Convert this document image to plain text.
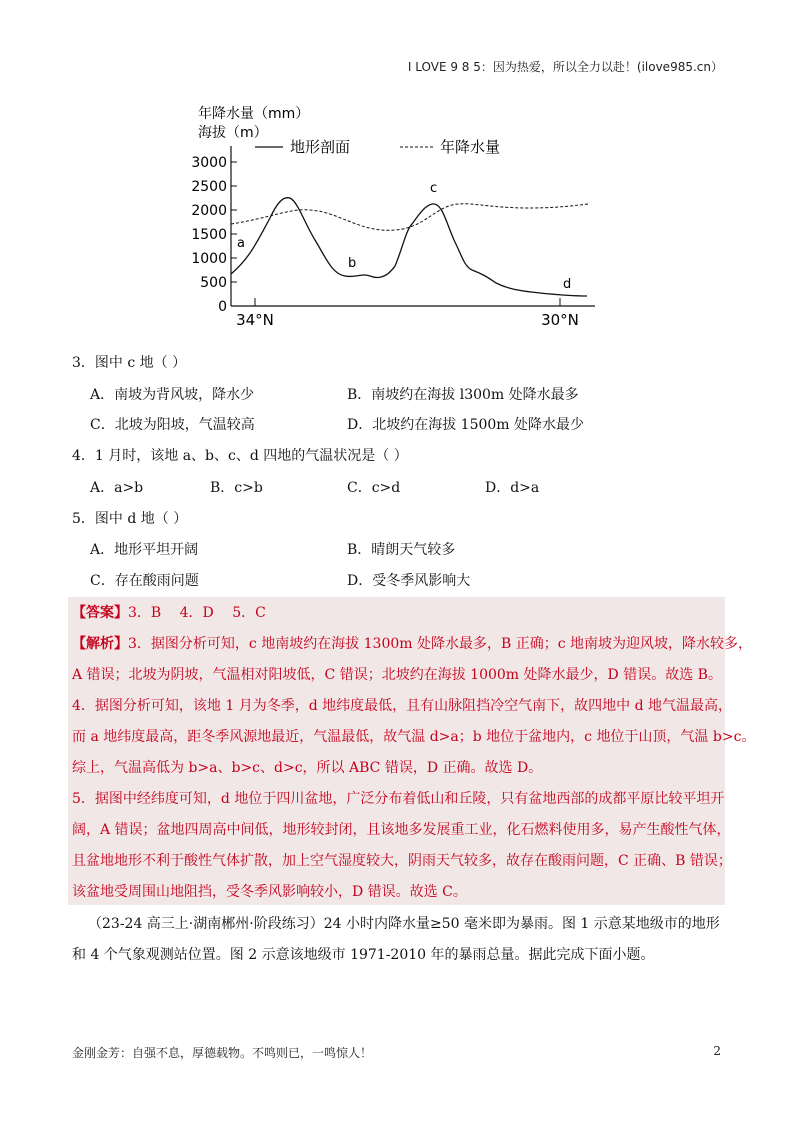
I LOVE 9 8 5：因为热爱，所以全力以赴！(ilove985.cn）
年降水量（mm）
海拔（m）
3000
2500
2000
1500
1000
500
0
34°N	30°N
地形剖面	年降水量
a
b
c
d
3．图中 c 地（ ）
A．南坡为背风坡，降水少	B．南坡约在海拔 l300m 处降水最多
C．北坡为阳坡，气温较高	D．北坡约在海拔 1500m 处降水最少
4．1 月时，该地 a、b、c、d 四地的气温状况是（ ）
A．a>b	B．c>b	C．c>d	D．d>a
5．图中 d 地（ ）
A．地形平坦开阔	B．晴朗天气较多
C．存在酸雨问题	D．受冬季风影响大
【答案】3．B　 4．D　 5．C
【解析】3．据图分析可知，c 地南坡约在海拔 1300m 处降水最多，B 正确；c 地南坡为迎风坡，降水较多，
A 错误；北坡为阴坡，气温相对阳坡低，C 错误；北坡约在海拔 1000m 处降水最少，D 错误。故选 B。
4．据图分析可知，该地 1 月为冬季，d 地纬度最低，且有山脉阻挡冷空气南下，故四地中 d 地气温最高，
而 a 地纬度最高，距冬季风源地最近，气温最低，故气温 d>a；b 地位于盆地内，c 地位于山顶，气温 b>c。
综上，气温高低为 b>a、b>c、d>c，所以 ABC 错误，D 正确。故选 D。
5．据图中经纬度可知，d 地位于四川盆地，广泛分布着低山和丘陵，只有盆地西部的成都平原比较平坦开
阔，A 错误；盆地四周高中间低，地形较封闭，且该地多发展重工业，化石燃料使用多，易产生酸性气体，
且盆地地形不利于酸性气体扩散，加上空气湿度较大，阴雨天气较多，故存在酸雨问题，C 正确、B 错误；
该盆地受周围山地阻挡，受冬季风影响较小，D 错误。故选 C。
（23-24 高三上·湖南郴州·阶段练习）24 小时内降水量≥50 毫米即为暴雨。图 1 示意某地级市的地形
和 4 个气象观测站位置。图 2 示意该地级市 1971-2010 年的暴雨总量。据此完成下面小题。
金刚金芳：自强不息，厚德载物。不鸣则已，一鸣惊人！	2
